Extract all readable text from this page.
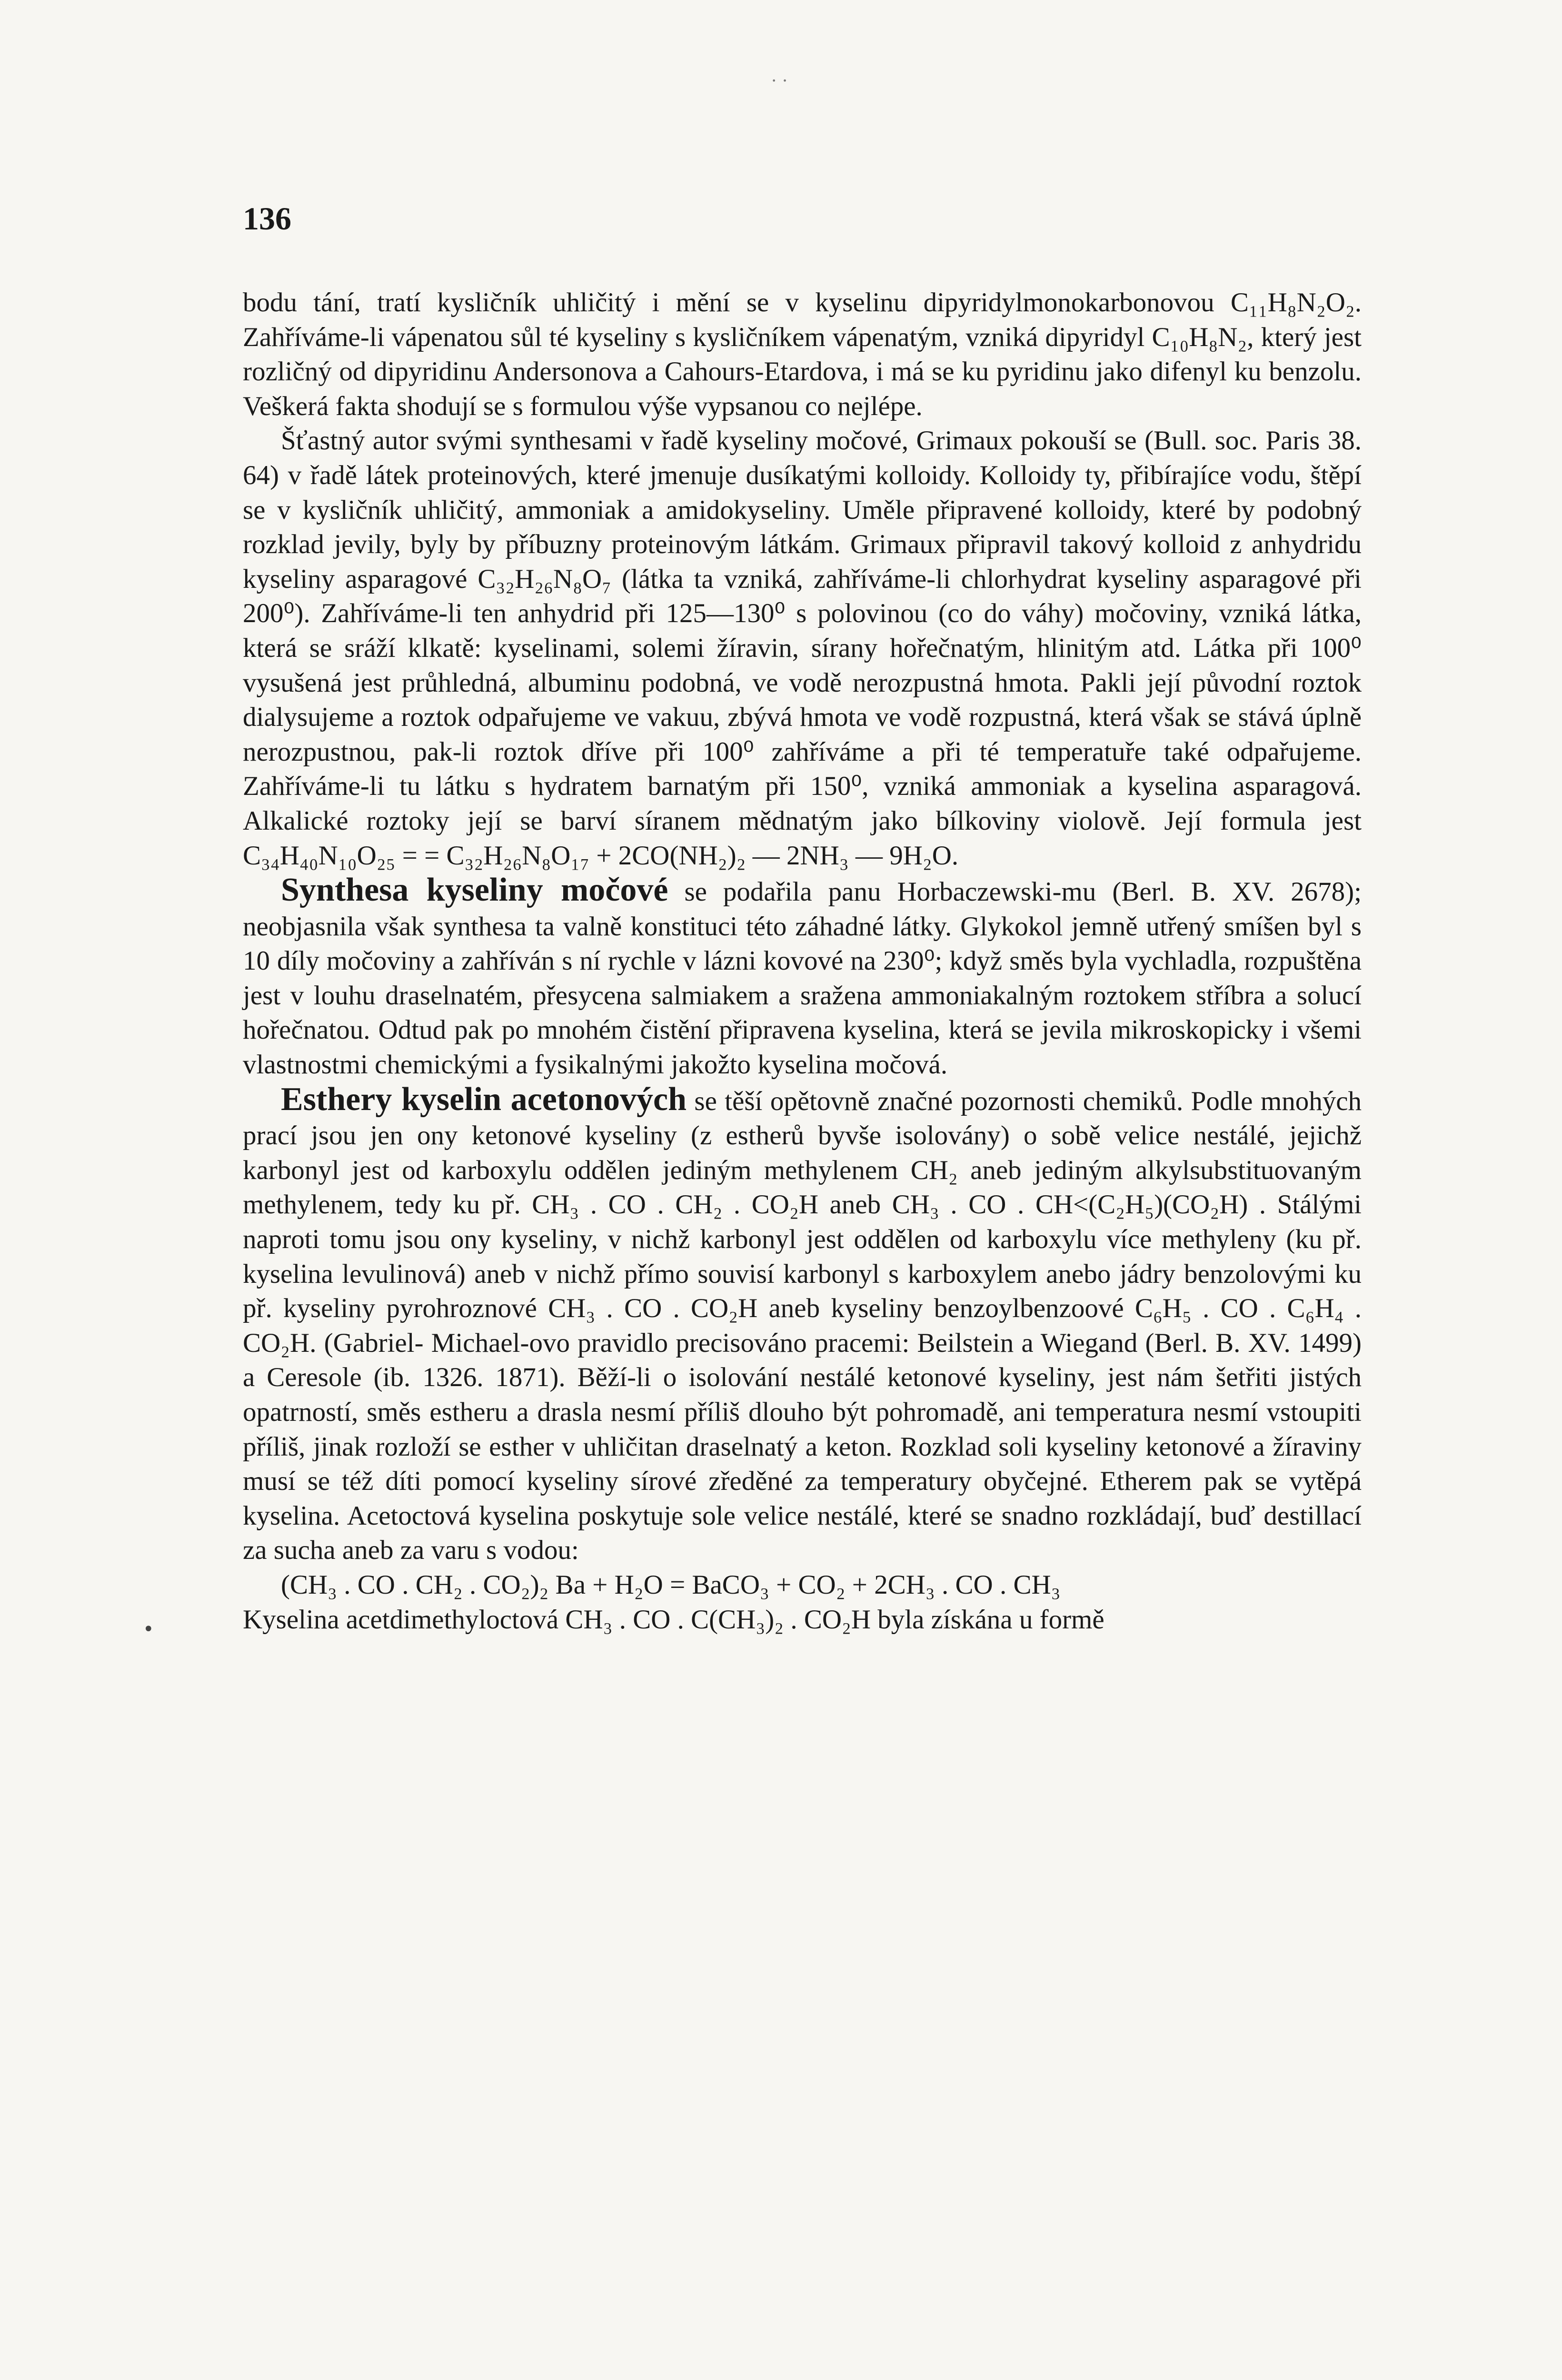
· ·
136
•

bodu tání, tratí kysličník uhličitý i mění se v kyselinu dipyridylmonokarbonovou C₁₁H₈N₂O₂. Zahříváme-li vápenatou sůl té kyseliny s kysličníkem vápenatým, vzniká dipyridyl C₁₀H₈N₂, který jest rozličný od dipyridinu Andersonova a Cahours-Etardova, i má se ku pyridinu jako difenyl ku benzolu. Veškerá fakta shodují se s formulou výše vypsanou co nejlépe.

Šťastný autor svými synthesami v řadě kyseliny močové, Grimaux pokouší se (Bull. soc. Paris 38. 64) v řadě látek proteinových, které jmenuje dusíkatými kolloidy. Kolloidy ty, přibírajíce vodu, štěpí se v kysličník uhličitý, ammoniak a amidokyseliny. Uměle připravené kolloidy, které by podobný rozklad jevily, byly by příbuzny proteinovým látkám. Grimaux připravil takový kolloid z anhydridu kyseliny asparagové C₃₂H₂₆N₈O₇ (látka ta vzniká, zahříváme-li chlorhydrat kyseliny asparagové při 200⁰). Zahříváme-li ten anhydrid při 125—130⁰ s polovinou (co do váhy) močoviny, vzniká látka, která se sráží klkatě: kyselinami, solemi žíravin, sírany hořečnatým, hlinitým atd. Látka při 100⁰ vysušená jest průhledná, albuminu podobná, ve vodě nerozpustná hmota. Pakli její původní roztok dialysujeme a roztok odpařujeme ve vakuu, zbývá hmota ve vodě rozpustná, která však se stává úplně nerozpustnou, pak-li roztok dříve při 100⁰ zahříváme a při té temperatuře také odpařujeme. Zahříváme-li tu látku s hydratem barnatým při 150⁰, vzniká ammoniak a kyselina asparagová. Alkalické roztoky její se barví síranem mědnatým jako bílkoviny violově. Její formula jest C₃₄H₄₀N₁₀O₂₅ = = C₃₂H₂₆N₈O₁₇ + 2CO(NH₂)₂ — 2NH₃ — 9H₂O.

Synthesa kyseliny močové se podařila panu Horbaczewski-mu (Berl. B. XV. 2678); neobjasnila však synthesa ta valně konstituci této záhadné látky. Glykokol jemně utřený smíšen byl s 10 díly močoviny a zahříván s ní rychle v lázni kovové na 230⁰; když směs byla vychladla, rozpuštěna jest v louhu draselnatém, přesycena salmiakem a sražena ammoniakalným roztokem stříbra a solucí hořečnatou. Odtud pak po mnohém čistění připravena kyselina, která se jevila mikroskopicky i všemi vlastnostmi chemickými a fysikalnými jakožto kyselina močová.

Esthery kyselin acetonových se těší opětovně značné pozornosti chemiků. Podle mnohých prací jsou jen ony ketonové kyseliny (z estherů byvše isolovány) o sobě velice nestálé, jejichž karbonyl jest od karboxylu oddělen jediným methylenem CH₂ aneb jediným alkylsubstituovaným methylenem, tedy ku př. CH₃ . CO . CH₂ . CO₂H aneb CH₃ . CO . CH<(C₂H₅)(CO₂H) . Stálými naproti tomu jsou ony kyseliny, v nichž karbonyl jest oddělen od karboxylu více methyleny (ku př. kyselina levulinová) aneb v nichž přímo souvisí karbonyl s karboxylem anebo jádry benzolovými ku př. kyseliny pyrohroznové CH₃ . CO . CO₂H aneb kyseliny benzoylbenzoové C₆H₅ . CO . C₆H₄ . CO₂H. (Gabriel- Michael-ovo pravidlo precisováno pracemi: Beilstein a Wiegand (Berl. B. XV. 1499) a Ceresole (ib. 1326. 1871). Běží-li o isolování nestálé ketonové kyseliny, jest nám šetřiti jistých opatrností, směs estheru a drasla nesmí příliš dlouho být pohromadě, ani temperatura nesmí vstoupiti příliš, jinak rozloží se esther v uhličitan draselnatý a keton. Rozklad soli kyseliny ketonové a žíraviny musí se též díti pomocí kyseliny sírové zředěné za temperatury obyčejné. Etherem pak se vytěpá kyselina. Acetoctová kyselina poskytuje sole velice nestálé, které se snadno rozkládají, buď destillací za sucha aneb za varu s vodou:

(CH₃ . CO . CH₂ . CO₂)₂ Ba + H₂O = BaCO₃ + CO₂ + 2CH₃ . CO . CH₃

Kyselina acetdimethyloctová CH₃ . CO . C(CH₃)₂ . CO₂H byla získána u formě
